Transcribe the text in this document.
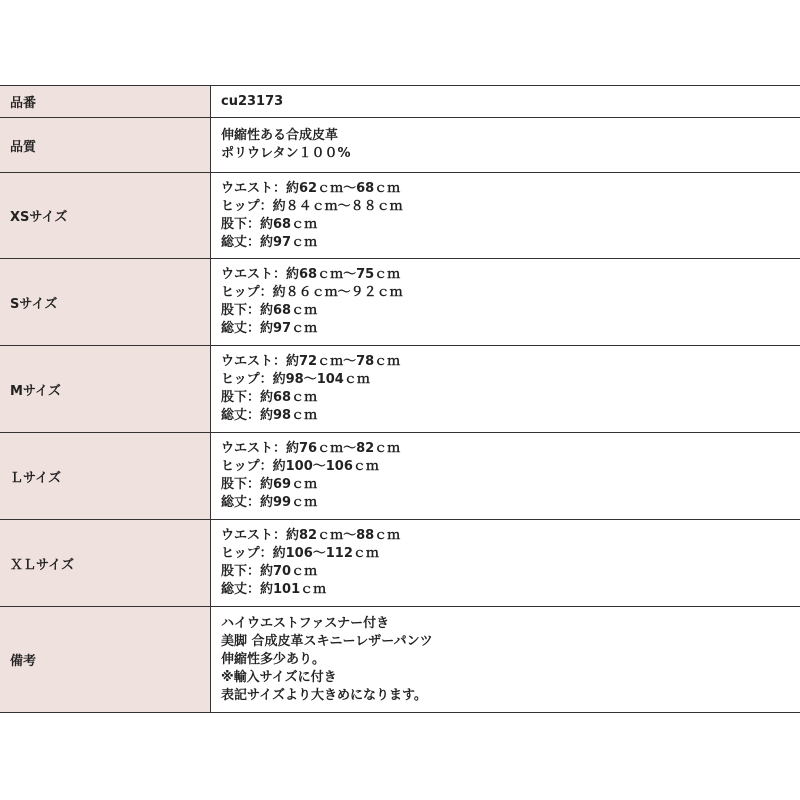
品番	cu23173

品質	伸縮性ある合成皮革
ポリウレタン１００%

XSサイズ	ウエスト：約62ｃｍ～68ｃｍ
ヒップ：約８４ｃｍ～８８ｃｍ
股下：約68ｃｍ
総丈：約97ｃｍ

Sサイズ	ウエスト：約68ｃｍ～75ｃｍ
ヒップ：約８６ｃｍ～９２ｃｍ
股下：約68ｃｍ
総丈：約97ｃｍ

Mサイズ	ウエスト：約72ｃｍ～78ｃｍ
ヒップ：約98～104ｃｍ
股下：約68ｃｍ
総丈：約98ｃｍ

Ｌサイズ	ウエスト：約76ｃｍ～82ｃｍ
ヒップ：約100～106ｃｍ
股下：約69ｃｍ
総丈：約99ｃｍ

ＸＬサイズ	ウエスト：約82ｃｍ～88ｃｍ
ヒップ：約106～112ｃｍ
股下：約70ｃｍ
総丈：約101ｃｍ

備考	ハイウエストファスナー付き
美脚 合成皮革スキニーレザーパンツ
伸縮性多少あり。
※輸入サイズに付き
表記サイズより大きめになります。
